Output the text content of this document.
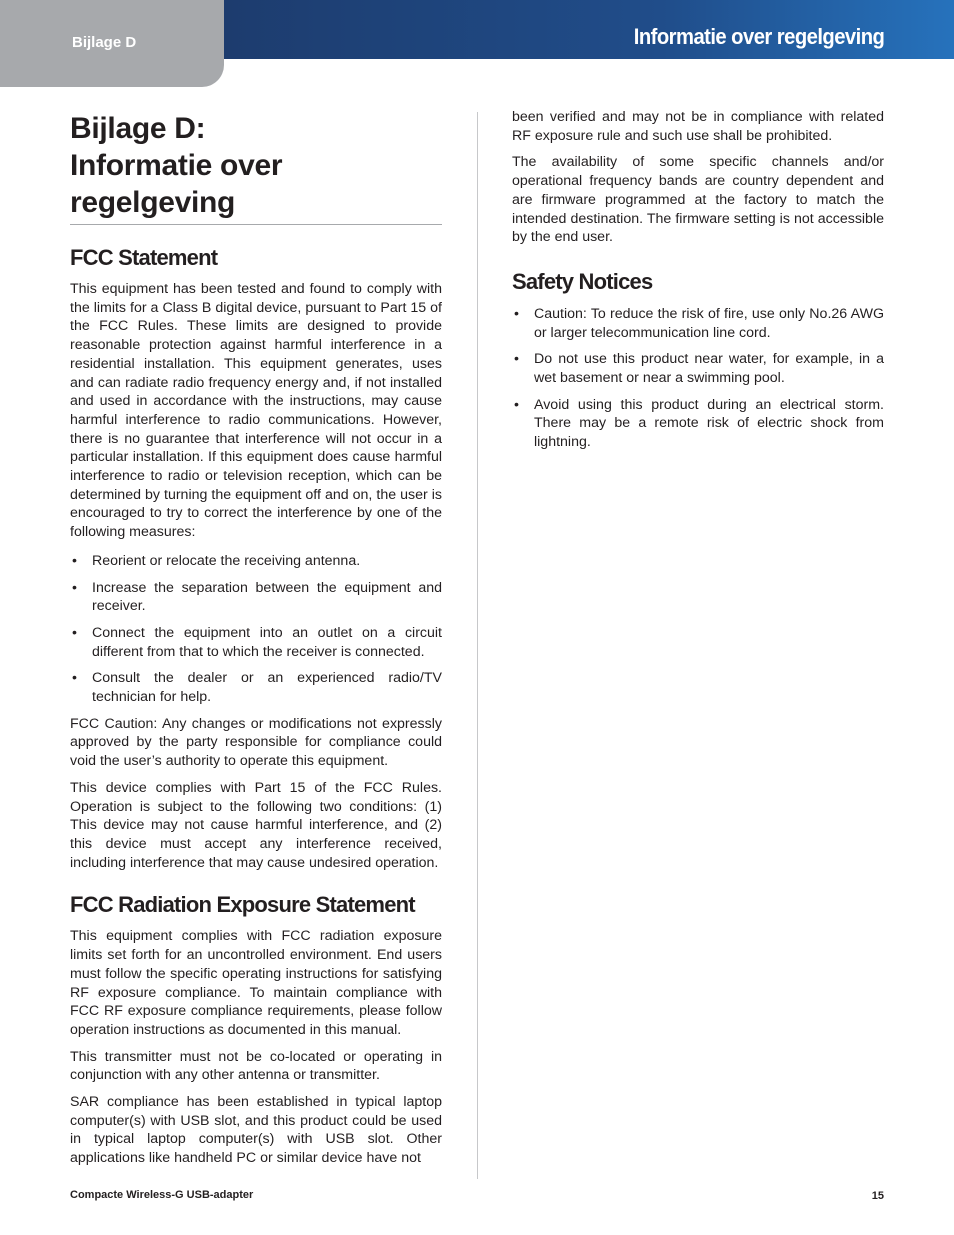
Bijlage D	Informatie over regelgeving
Bijlage D:
Informatie over
regelgeving
FCC Statement

This equipment has been tested and found to comply with the limits for a Class B digital device, pursuant to Part 15 of the FCC Rules. These limits are designed to provide reasonable protection against harmful interference in a residential installation. This equipment generates, uses and can radiate radio frequency energy and, if not installed and used in accordance with the instructions, may cause harmful interference to radio communications. However, there is no guarantee that interference will not occur in a particular installation. If this equipment does cause harmful interference to radio or television reception, which can be determined by turning the equipment off and on, the user is encouraged to try to correct the interference by one of the following measures:

• Reorient or relocate the receiving antenna.
• Increase the separation between the equipment and receiver.
• Connect the equipment into an outlet on a circuit different from that to which the receiver is connected.
• Consult the dealer or an experienced radio/TV technician for help.

FCC Caution: Any changes or modifications not expressly approved by the party responsible for compliance could void the user’s authority to operate this equipment.

This device complies with Part 15 of the FCC Rules. Operation is subject to the following two conditions: (1) This device may not cause harmful interference, and (2) this device must accept any interference received, including interference that may cause undesired operation.

FCC Radiation Exposure Statement

This equipment complies with FCC radiation exposure limits set forth for an uncontrolled environment. End users must follow the specific operating instructions for satisfying RF exposure compliance. To maintain compliance with FCC RF exposure compliance requirements, please follow operation instructions as documented in this manual.

This transmitter must not be co-located or operating in conjunction with any other antenna or transmitter.

SAR compliance has been established in typical laptop computer(s) with USB slot, and this product could be used in typical laptop computer(s) with USB slot. Other applications like handheld PC or similar device have not

been verified and may not be in compliance with related RF exposure rule and such use shall be prohibited.

The availability of some specific channels and/or operational frequency bands are country dependent and are firmware programmed at the factory to match the intended destination. The firmware setting is not accessible by the end user.

Safety Notices
• Caution: To reduce the risk of fire, use only No.26 AWG or larger telecommunication line cord.
• Do not use this product near water, for example, in a wet basement or near a swimming pool.
• Avoid using this product during an electrical storm. There may be a remote risk of electric shock from lightning.
Compacte Wireless-G USB-adapter	15
